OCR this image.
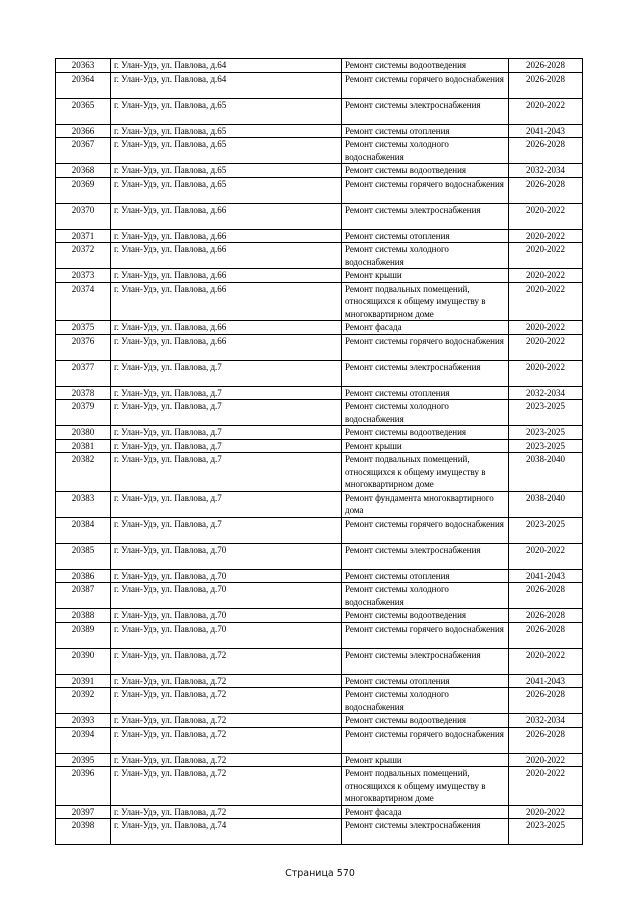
20363	г. Улан-Удэ, ул. Павлова, д.64	Ремонт системы водоотведения	2026-2028
20364	г. Улан-Удэ, ул. Павлова, д.64	Ремонт системы горячего водоснабжения	2026-2028
20365	г. Улан-Удэ, ул. Павлова, д.65	Ремонт системы электроснабжения	2020-2022
20366	г. Улан-Удэ, ул. Павлова, д.65	Ремонт системы отопления	2041-2043
20367	г. Улан-Удэ, ул. Павлова, д.65	Ремонт системы холодного водоснабжения	2026-2028
20368	г. Улан-Удэ, ул. Павлова, д.65	Ремонт системы водоотведения	2032-2034
20369	г. Улан-Удэ, ул. Павлова, д.65	Ремонт системы горячего водоснабжения	2026-2028
20370	г. Улан-Удэ, ул. Павлова, д.66	Ремонт системы электроснабжения	2020-2022
20371	г. Улан-Удэ, ул. Павлова, д.66	Ремонт системы отопления	2020-2022
20372	г. Улан-Удэ, ул. Павлова, д.66	Ремонт системы холодного водоснабжения	2020-2022
20373	г. Улан-Удэ, ул. Павлова, д.66	Ремонт крыши	2020-2022
20374	г. Улан-Удэ, ул. Павлова, д.66	Ремонт подвальных помещений, относящихся к общему имуществу в многоквартирном доме	2020-2022
20375	г. Улан-Удэ, ул. Павлова, д.66	Ремонт фасада	2020-2022
20376	г. Улан-Удэ, ул. Павлова, д.66	Ремонт системы горячего водоснабжения	2020-2022
20377	г. Улан-Удэ, ул. Павлова, д.7	Ремонт системы электроснабжения	2020-2022
20378	г. Улан-Удэ, ул. Павлова, д.7	Ремонт системы отопления	2032-2034
20379	г. Улан-Удэ, ул. Павлова, д.7	Ремонт системы холодного водоснабжения	2023-2025
20380	г. Улан-Удэ, ул. Павлова, д.7	Ремонт системы водоотведения	2023-2025
20381	г. Улан-Удэ, ул. Павлова, д.7	Ремонт крыши	2023-2025
20382	г. Улан-Удэ, ул. Павлова, д.7	Ремонт подвальных помещений, относящихся к общему имуществу в многоквартирном доме	2038-2040
20383	г. Улан-Удэ, ул. Павлова, д.7	Ремонт фундамента многоквартирного дома	2038-2040
20384	г. Улан-Удэ, ул. Павлова, д.7	Ремонт системы горячего водоснабжения	2023-2025
20385	г. Улан-Удэ, ул. Павлова, д.70	Ремонт системы электроснабжения	2020-2022
20386	г. Улан-Удэ, ул. Павлова, д.70	Ремонт системы отопления	2041-2043
20387	г. Улан-Удэ, ул. Павлова, д.70	Ремонт системы холодного водоснабжения	2026-2028
20388	г. Улан-Удэ, ул. Павлова, д.70	Ремонт системы водоотведения	2026-2028
20389	г. Улан-Удэ, ул. Павлова, д.70	Ремонт системы горячего водоснабжения	2026-2028
20390	г. Улан-Удэ, ул. Павлова, д.72	Ремонт системы электроснабжения	2020-2022
20391	г. Улан-Удэ, ул. Павлова, д.72	Ремонт системы отопления	2041-2043
20392	г. Улан-Удэ, ул. Павлова, д.72	Ремонт системы холодного водоснабжения	2026-2028
20393	г. Улан-Удэ, ул. Павлова, д.72	Ремонт системы водоотведения	2032-2034
20394	г. Улан-Удэ, ул. Павлова, д.72	Ремонт системы горячего водоснабжения	2026-2028
20395	г. Улан-Удэ, ул. Павлова, д.72	Ремонт крыши	2020-2022
20396	г. Улан-Удэ, ул. Павлова, д.72	Ремонт подвальных помещений, относящихся к общему имуществу в многоквартирном доме	2020-2022
20397	г. Улан-Удэ, ул. Павлова, д.72	Ремонт фасада	2020-2022
20398	г. Улан-Удэ, ул. Павлова, д.74	Ремонт системы электроснабжения	2023-2025
Страница 570
